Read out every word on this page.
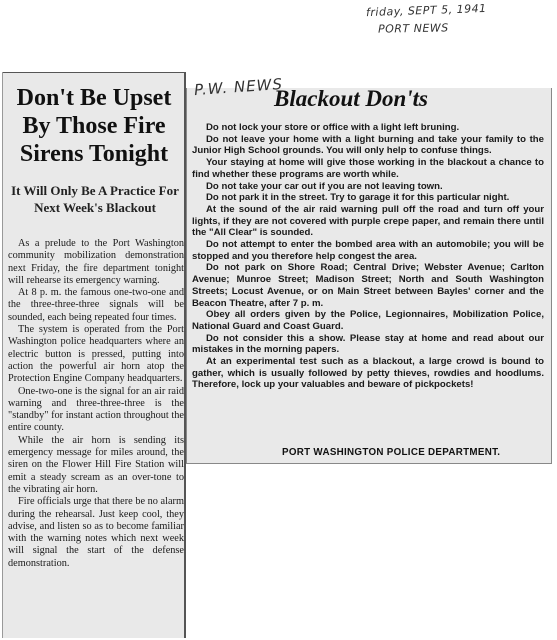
friday, SEPT 5, 1941
PORT NEWS
P.W. NEWS
Don't Be Upset By Those Fire Sirens Tonight
It Will Only Be A Practice For Next Week's Blackout

As a prelude to the Port Washington community mobilization demonstration next Friday, the fire department tonight will rehearse its emergency warning.

At 8 p. m. the famous one-two-one and the three-three-three signals will be sounded, each being repeated four times.

The system is operated from the Port Washington police headquarters where an electric button is pressed, putting into action the powerful air horn atop the Protection Engine Company headquarters.

One-two-one is the signal for an air raid warning and three-three-three is the "standby" for instant action throughout the entire county.

While the air horn is sending its emergency message for miles around, the siren on the Flower Hill Fire Station will emit a steady scream as an over-tone to the vibrating air horn.

Fire officials urge that there be no alarm during the rehearsal. Just keep cool, they advise, and listen so as to become familiar with the warning notes which next week will signal the start of the defense demonstration.

Blackout Don'ts

Do not lock your store or office with a light left bruning.

Do not leave your home with a light burning and take your family to the Junior High School grounds. You will only help to confuse things.

Your staying at home will give those working in the blackout a chance to find whether these programs are worth while.

Do not take your car out if you are not leaving town.

Do not park it in the street. Try to garage it for this particular night.

At the sound of the air raid warning pull off the road and turn off your lights, if they are not covered with purple crepe paper, and remain there until the "All Clear" is sounded.

Do not attempt to enter the bombed area with an automobile; you will be stopped and you therefore help congest the area.

Do not park on Shore Road; Central Drive; Webster Avenue; Carlton Avenue; Munroe Street; Madison Street; North and South Washington Streets; Locust Avenue, or on Main Street between Bayles' corner and the Beacon Theatre, after 7 p. m.

Obey all orders given by the Police, Legionnaires, Mobilization Police, National Guard and Coast Guard.

Do not consider this a show. Please stay at home and read about our mistakes in the morning papers.

At an experimental test such as a blackout, a large crowd is bound to gather, which is usually followed by petty thieves, rowdies and hoodlums. Therefore, lock up your valuables and beware of pickpockets!

PORT WASHINGTON POLICE DEPARTMENT.
